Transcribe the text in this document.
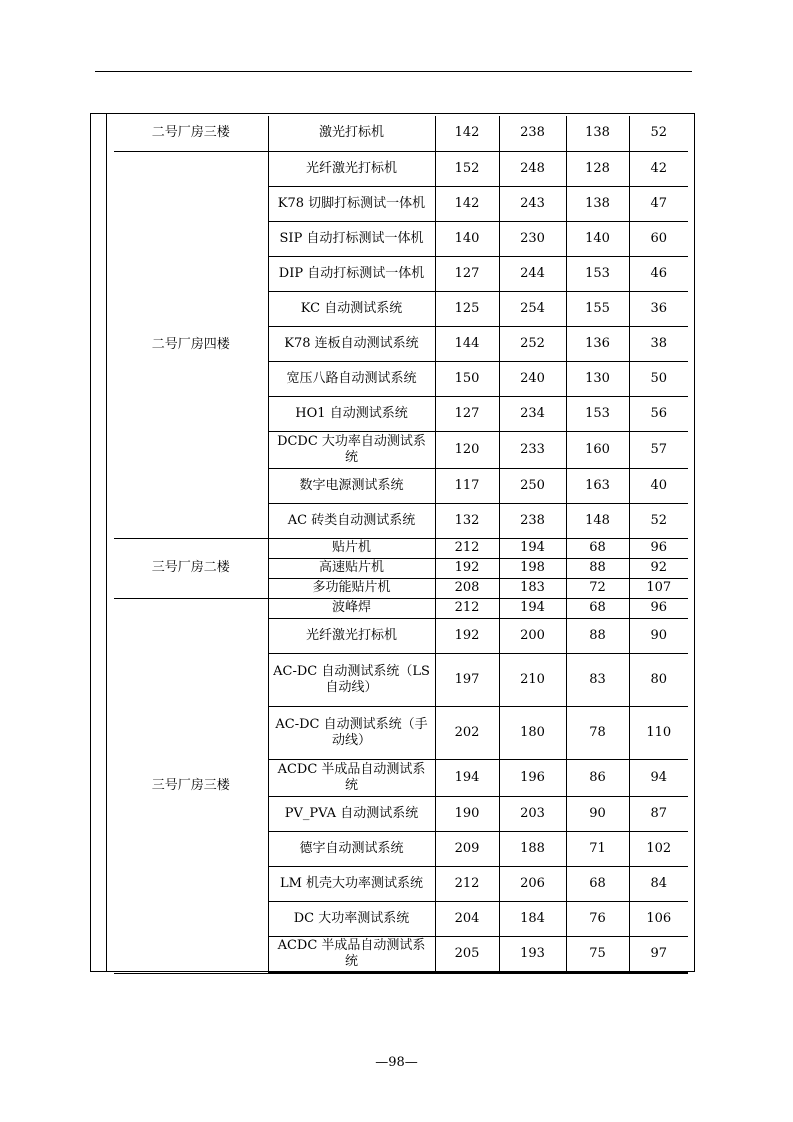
二号厂房三楼	激光打标机	142	238	138	52
二号厂房四楼	光纤激光打标机	152	248	128	42
	K78 切脚打标测试一体机	142	243	138	47
	SIP 自动打标测试一体机	140	230	140	60
	DIP 自动打标测试一体机	127	244	153	46
	KC 自动测试系统	125	254	155	36
	K78 连板自动测试系统	144	252	136	38
	宽压八路自动测试系统	150	240	130	50
	HO1 自动测试系统	127	234	153	56
	DCDC 大功率自动测试系统	120	233	160	57
	数字电源测试系统	117	250	163	40
	AC 砖类自动测试系统	132	238	148	52
三号厂房二楼	贴片机	212	194	68	96
	高速贴片机	192	198	88	92
	多功能贴片机	208	183	72	107
三号厂房三楼	波峰焊	212	194	68	96
	光纤激光打标机	192	200	88	90
	AC-DC 自动测试系统（LS 自动线）	197	210	83	80
	AC-DC 自动测试系统（手动线）	202	180	78	110
	ACDC 半成品自动测试系统	194	196	86	94
	PV_PVA 自动测试系统	190	203	90	87
	德字自动测试系统	209	188	71	102
	LM 机壳大功率测试系统	212	206	68	84
	DC 大功率测试系统	204	184	76	106
	ACDC 半成品自动测试系统	205	193	75	97
—98—
